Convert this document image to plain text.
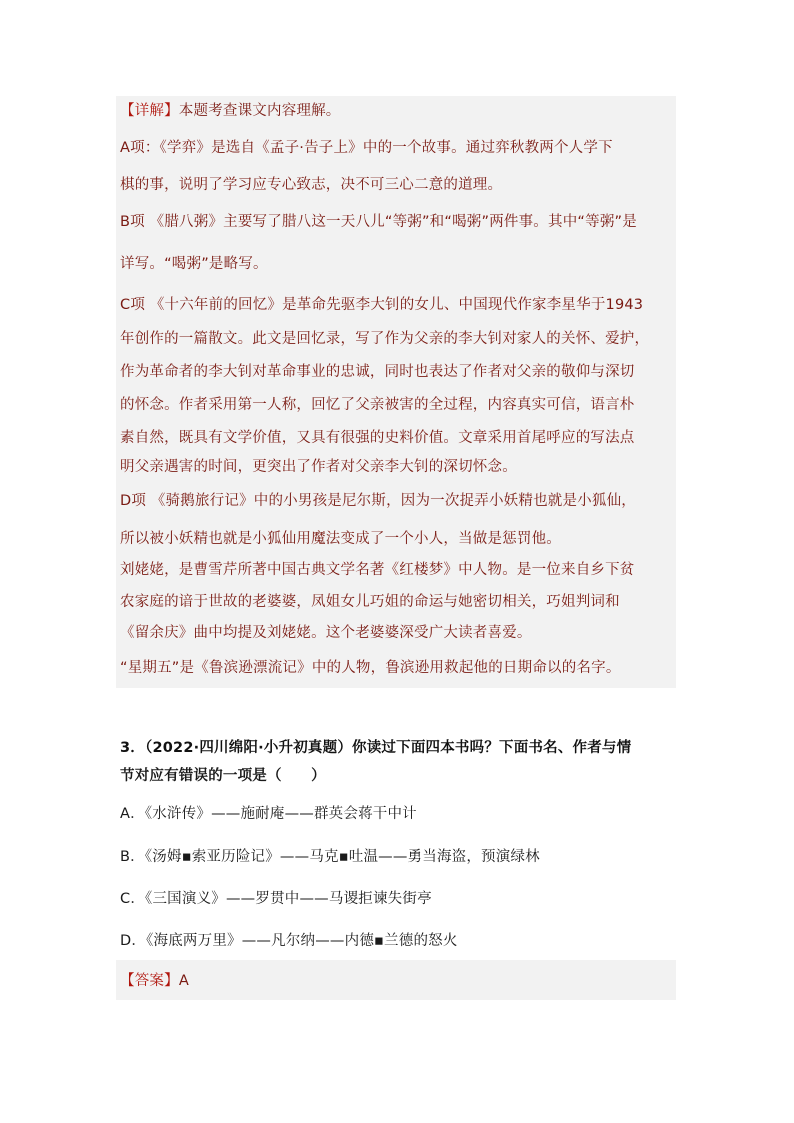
【详解】本题考查课文内容理解。
A项：《学弈》是选自《孟子·告子上》中的一个故事。通过弈秋教两个人学下
棋的事，说明了学习应专心致志，决不可三心二意的道理。
B项 《腊八粥》主要写了腊八这一天八儿“等粥”和“喝粥”两件事。其中“等粥”是
详写。“喝粥”是略写。
C项 《十六年前的回忆》是革命先驱李大钊的女儿、中国现代作家李星华于1943
年创作的一篇散文。此文是回忆录，写了作为父亲的李大钊对家人的关怀、爱护，
作为革命者的李大钊对革命事业的忠诚，同时也表达了作者对父亲的敬仰与深切
的怀念。作者采用第一人称，回忆了父亲被害的全过程，内容真实可信，语言朴
素自然，既具有文学价值，又具有很强的史料价值。文章采用首尾呼应的写法点
明父亲遇害的时间，更突出了作者对父亲李大钊的深切怀念。
D项 《骑鹅旅行记》中的小男孩是尼尔斯，因为一次捉弄小妖精也就是小狐仙，
所以被小妖精也就是小狐仙用魔法变成了一个小人，当做是惩罚他。
刘姥姥，是曹雪芹所著中国古典文学名著《红楼梦》中人物。是一位来自乡下贫
农家庭的谙于世故的老婆婆，凤姐女儿巧姐的命运与她密切相关，巧姐判词和
《留余庆》曲中均提及刘姥姥。这个老婆婆深受广大读者喜爱。
“星期五”是《鲁滨逊漂流记》中的人物，鲁滨逊用救起他的日期命以的名字。
3．（2022·四川绵阳·小升初真题）你读过下面四本书吗？下面书名、作者与情
节对应有错误的一项是（　　）
A．《水浒传》——施耐庵——群英会蒋干中计
B．《汤姆▪索亚历险记》——马克▪吐温——勇当海盗，预演绿林
C．《三国演义》——罗贯中——马谡拒谏失街亭
D．《海底两万里》——凡尔纳——内德▪兰德的怒火
【答案】A
